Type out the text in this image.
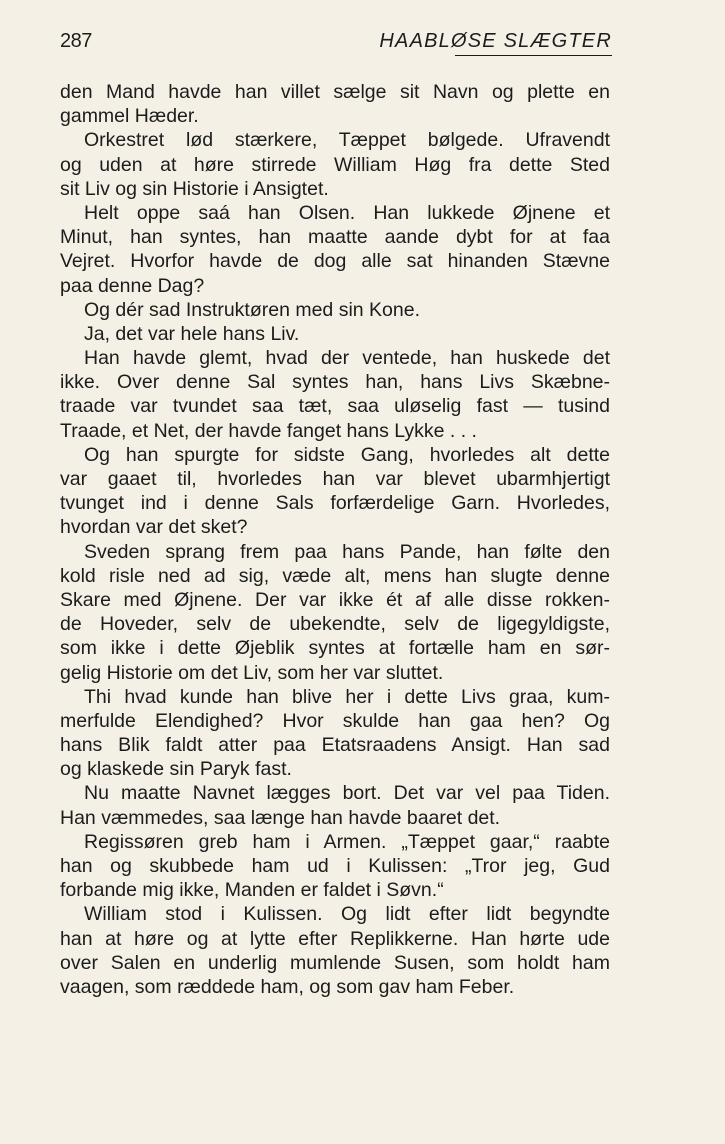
287	HAABLØSE SLÆGTER
den Mand havde han villet sælge sit Navn og plette en
gammel Hæder.
Orkestret lød stærkere, Tæppet bølgede. Ufravendt
og uden at høre stirrede William Høg fra dette Sted
sit Liv og sin Historie i Ansigtet.
Helt oppe saá han Olsen. Han lukkede Øjnene et
Minut, han syntes, han maatte aande dybt for at faa
Vejret. Hvorfor havde de dog alle sat hinanden Stævne
paa denne Dag?
Og dér sad Instruktøren med sin Kone.
Ja, det var hele hans Liv.
Han havde glemt, hvad der ventede, han huskede det
ikke. Over denne Sal syntes han, hans Livs Skæbne-
traade var tvundet saa tæt, saa uløselig fast — tusind
Traade, et Net, der havde fanget hans Lykke . . .
Og han spurgte for sidste Gang, hvorledes alt dette
var gaaet til, hvorledes han var blevet ubarmhjertigt
tvunget ind i denne Sals forfærdelige Garn. Hvorledes,
hvordan var det sket?
Sveden sprang frem paa hans Pande, han følte den
kold risle ned ad sig, væde alt, mens han slugte denne
Skare med Øjnene. Der var ikke ét af alle disse rokken-
de Hoveder, selv de ubekendte, selv de ligegyldigste,
som ikke i dette Øjeblik syntes at fortælle ham en sør-
gelig Historie om det Liv, som her var sluttet.
Thi hvad kunde han blive her i dette Livs graa, kum-
merfulde Elendighed? Hvor skulde han gaa hen? Og
hans Blik faldt atter paa Etatsraadens Ansigt. Han sad
og klaskede sin Paryk fast.
Nu maatte Navnet lægges bort. Det var vel paa Tiden.
Han væmmedes, saa længe han havde baaret det.
Regissøren greb ham i Armen. „Tæppet gaar,“ raabte
han og skubbede ham ud i Kulissen: „Tror jeg, Gud
forbande mig ikke, Manden er faldet i Søvn.“
William stod i Kulissen. Og lidt efter lidt begyndte
han at høre og at lytte efter Replikkerne. Han hørte ude
over Salen en underlig mumlende Susen, som holdt ham
vaagen, som ræddede ham, og som gav ham Feber.
